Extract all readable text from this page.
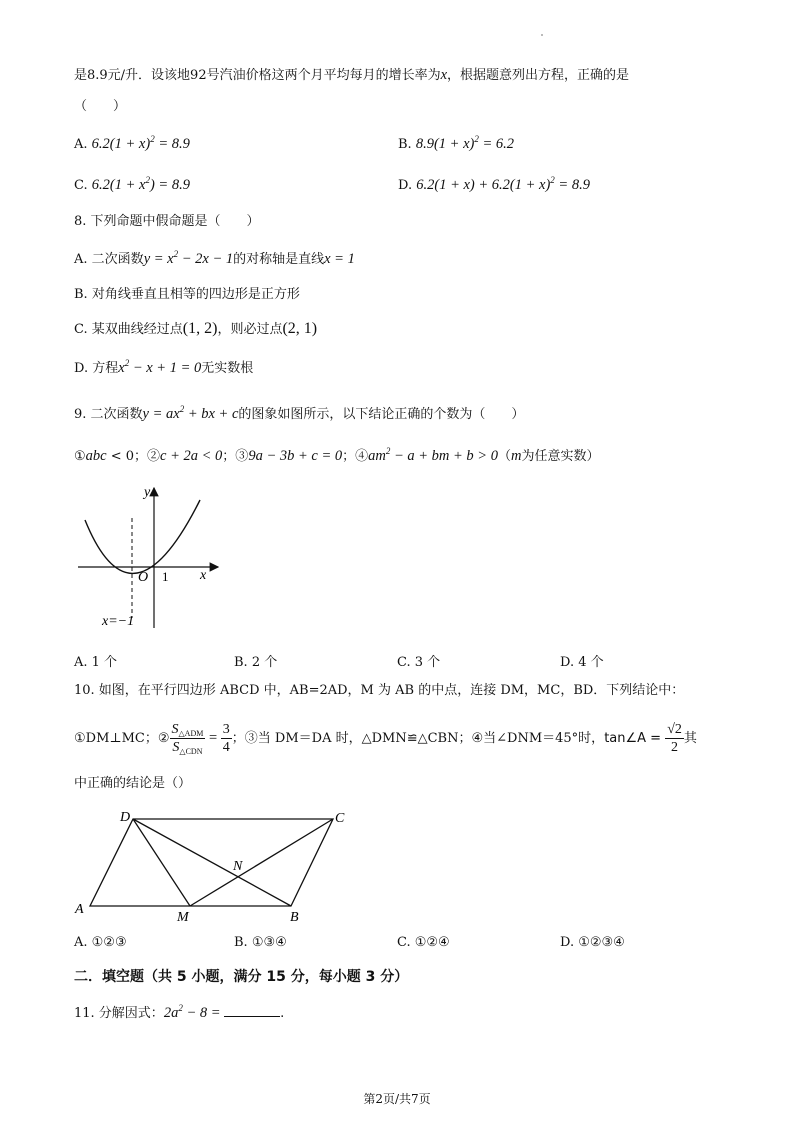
是8.9元/升．设该地92号汽油价格这两个月平均每月的增长率为x，根据题意列出方程，正确的是
（　　）
A. $6.2(1 + x)^2 = 8.9$	B. $8.9(1 + x)^2 = 6.2$
C. $6.2(1 + x^2) = 8.9$	D. $6.2(1 + x) + 6.2(1 + x)^2 = 8.9$
8. 下列命题中假命题是（　　）
A. 二次函数$y = x^2 - 2x - 1$的对称轴是直线x = 1
B. 对角线垂直且相等的四边形是正方形
C. 某双曲线经过点(1, 2)，则必过点(2, 1)
D. 方程$x^2 - x + 1 = 0$无实数根
9. 二次函数$y = ax^2$ + bx + c的图象如图所示，以下结论正确的个数为（　　）
①abc < 0；②c + 2a < 0；③9a − 3b + c = 0；$④am^2 - a$ + bm + b > 0（m为任意实数）
y
x
O 1
x=−1
A. 1 个	B. 2 个	C. 3 个	D. 4 个
10. 如图，在平行四边形 ABCD 中，AB=2AD，M 为 AB 的中点，连接 DM，MC，BD．下列结论中：
①DM⊥MC；② $\frac{S_{\triangle ADM}}{S_{\triangle CDN}} = \frac{3}{4}$ ；③当 DM＝DA 时，△DMN≌△CBN；④当∠DNM＝45°时，tan∠A = $\frac{√2}{2}$ 其
中正确的结论是（）
D	C
A
B
M
N
A. ①②③	B. ①③④	C. ①②④	D. ①②③④
二．填空题（共 5 小题，满分 15 分，每小题 3 分）
11. 分解因式：$2a^2 - 8$ =	.
第2页/共7页
